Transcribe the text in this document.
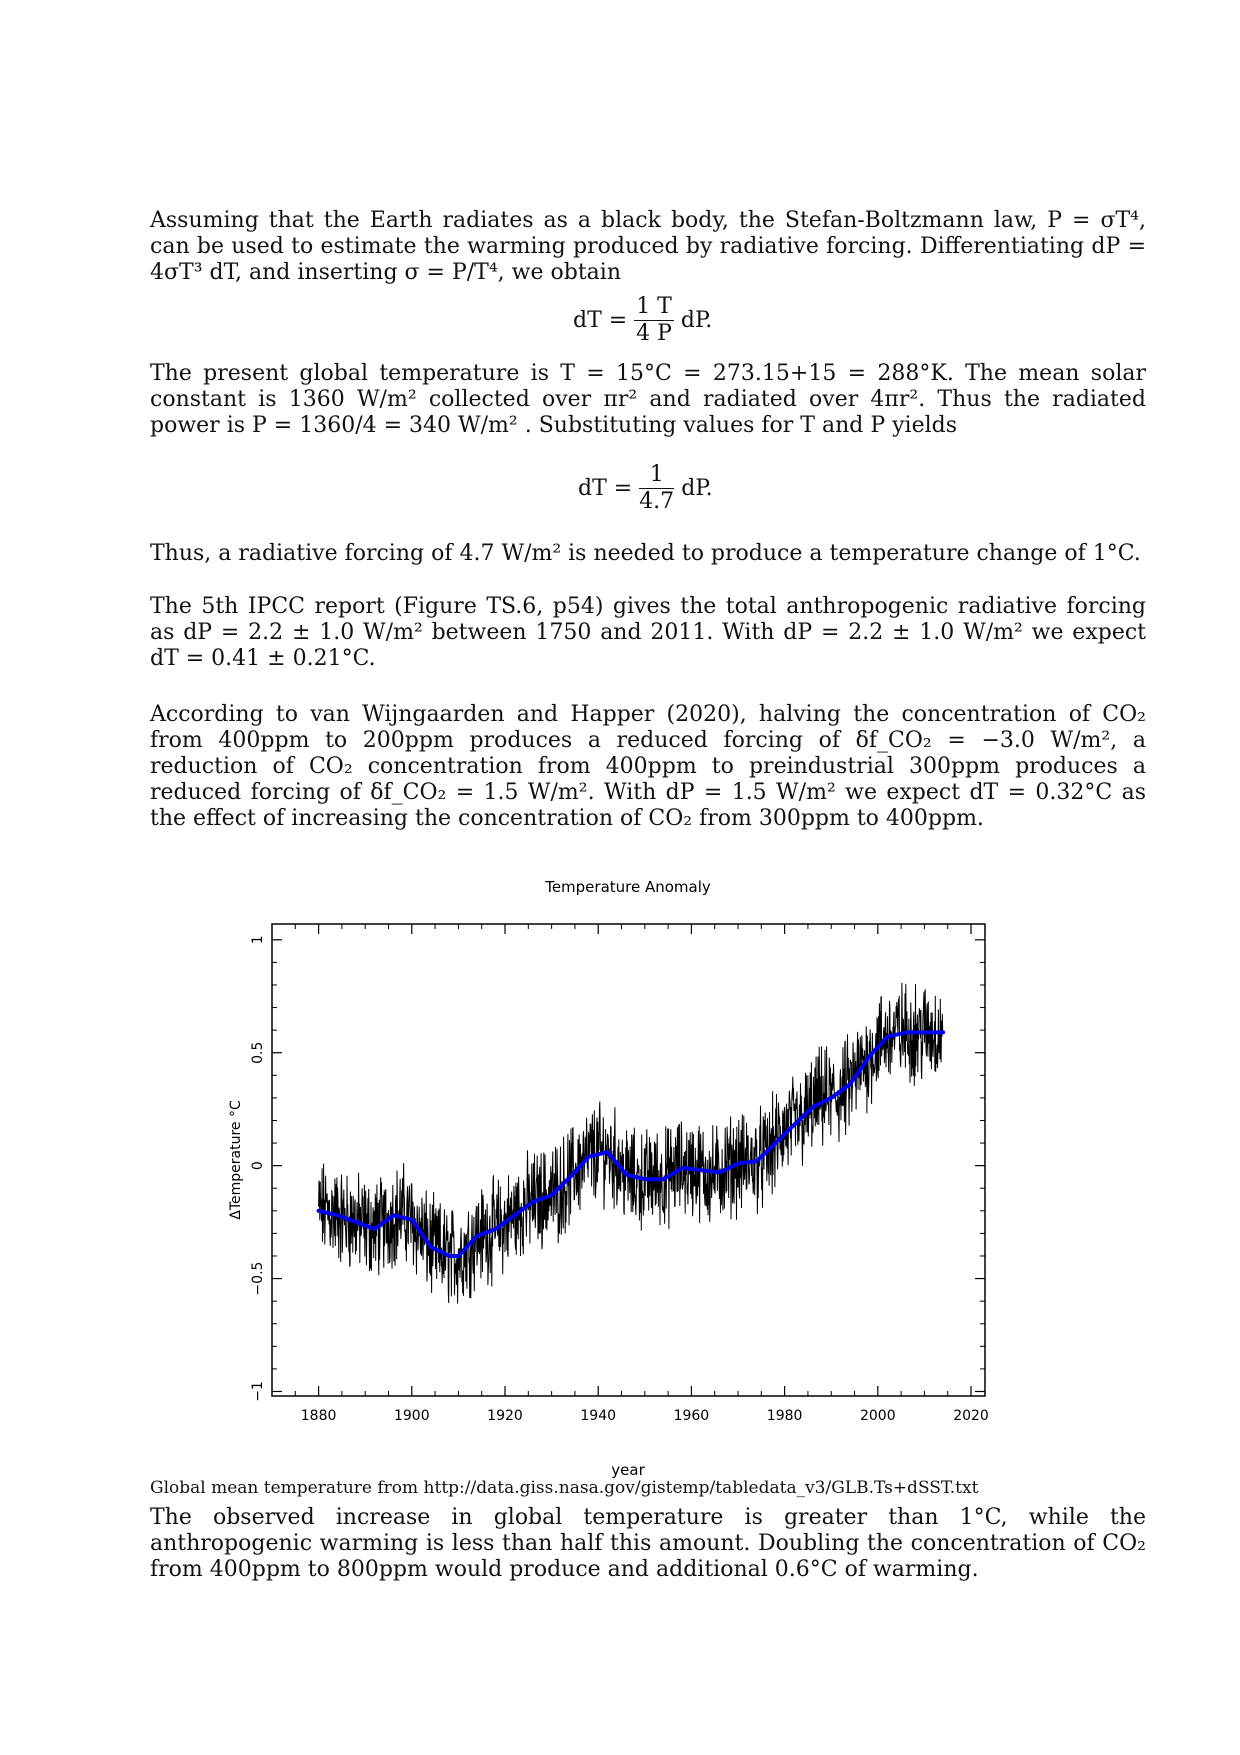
Assuming that the Earth radiates as a black body, the Stefan-Boltzmann law, P = σT⁴, can be used to estimate the warming produced by radiative forcing. Differentiating dP = 4σT³ dT, and inserting σ = P/T⁴, we obtain

dT = $\frac{1 T}{4 P}$ dP.

The present global temperature is T = 15°C = 273.15+15 = 288°K. The mean solar constant is 1360 W/m² collected over πr² and radiated over 4πr². Thus the radiated power is P = 1360/4 = 340 W/m² . Substituting values for T and P yields

dT = $\frac{1}{4.7}$ dP.

Thus, a radiative forcing of 4.7 W/m² is needed to produce a temperature change of 1°C.

The 5th IPCC report (Figure TS.6, p54) gives the total anthropogenic radiative forcing as dP = 2.2 ± 1.0 W/m² between 1750 and 2011. With dP = 2.2 ± 1.0 W/m² we expect dT = 0.41 ± 0.21°C.

According to van Wijngaarden and Happer (2020), halving the concentration of CO₂ from 400ppm to 200ppm produces a reduced forcing of δf_CO₂ = −3.0 W/m², a reduction of CO₂ concentration from 400ppm to preindustrial 300ppm produces a reduced forcing of δf_CO₂ = 1.5 W/m². With dP = 1.5 W/m² we expect dT = 0.32°C as the effect of increasing the concentration of CO₂ from 300ppm to 400ppm.

Temperature Anomaly
1880	1900	1920	1940	1960	1980	2000	2020
−1
−0.5
0
0.5
1
year
ΔTemperature °C
Global mean temperature from http://data.giss.nasa.gov/gistemp/tabledata_v3/GLB.Ts+dSST.txt

The observed increase in global temperature is greater than 1°C, while the anthropogenic warming is less than half this amount. Doubling the concentration of CO₂ from 400ppm to 800ppm would produce and additional 0.6°C of warming.
